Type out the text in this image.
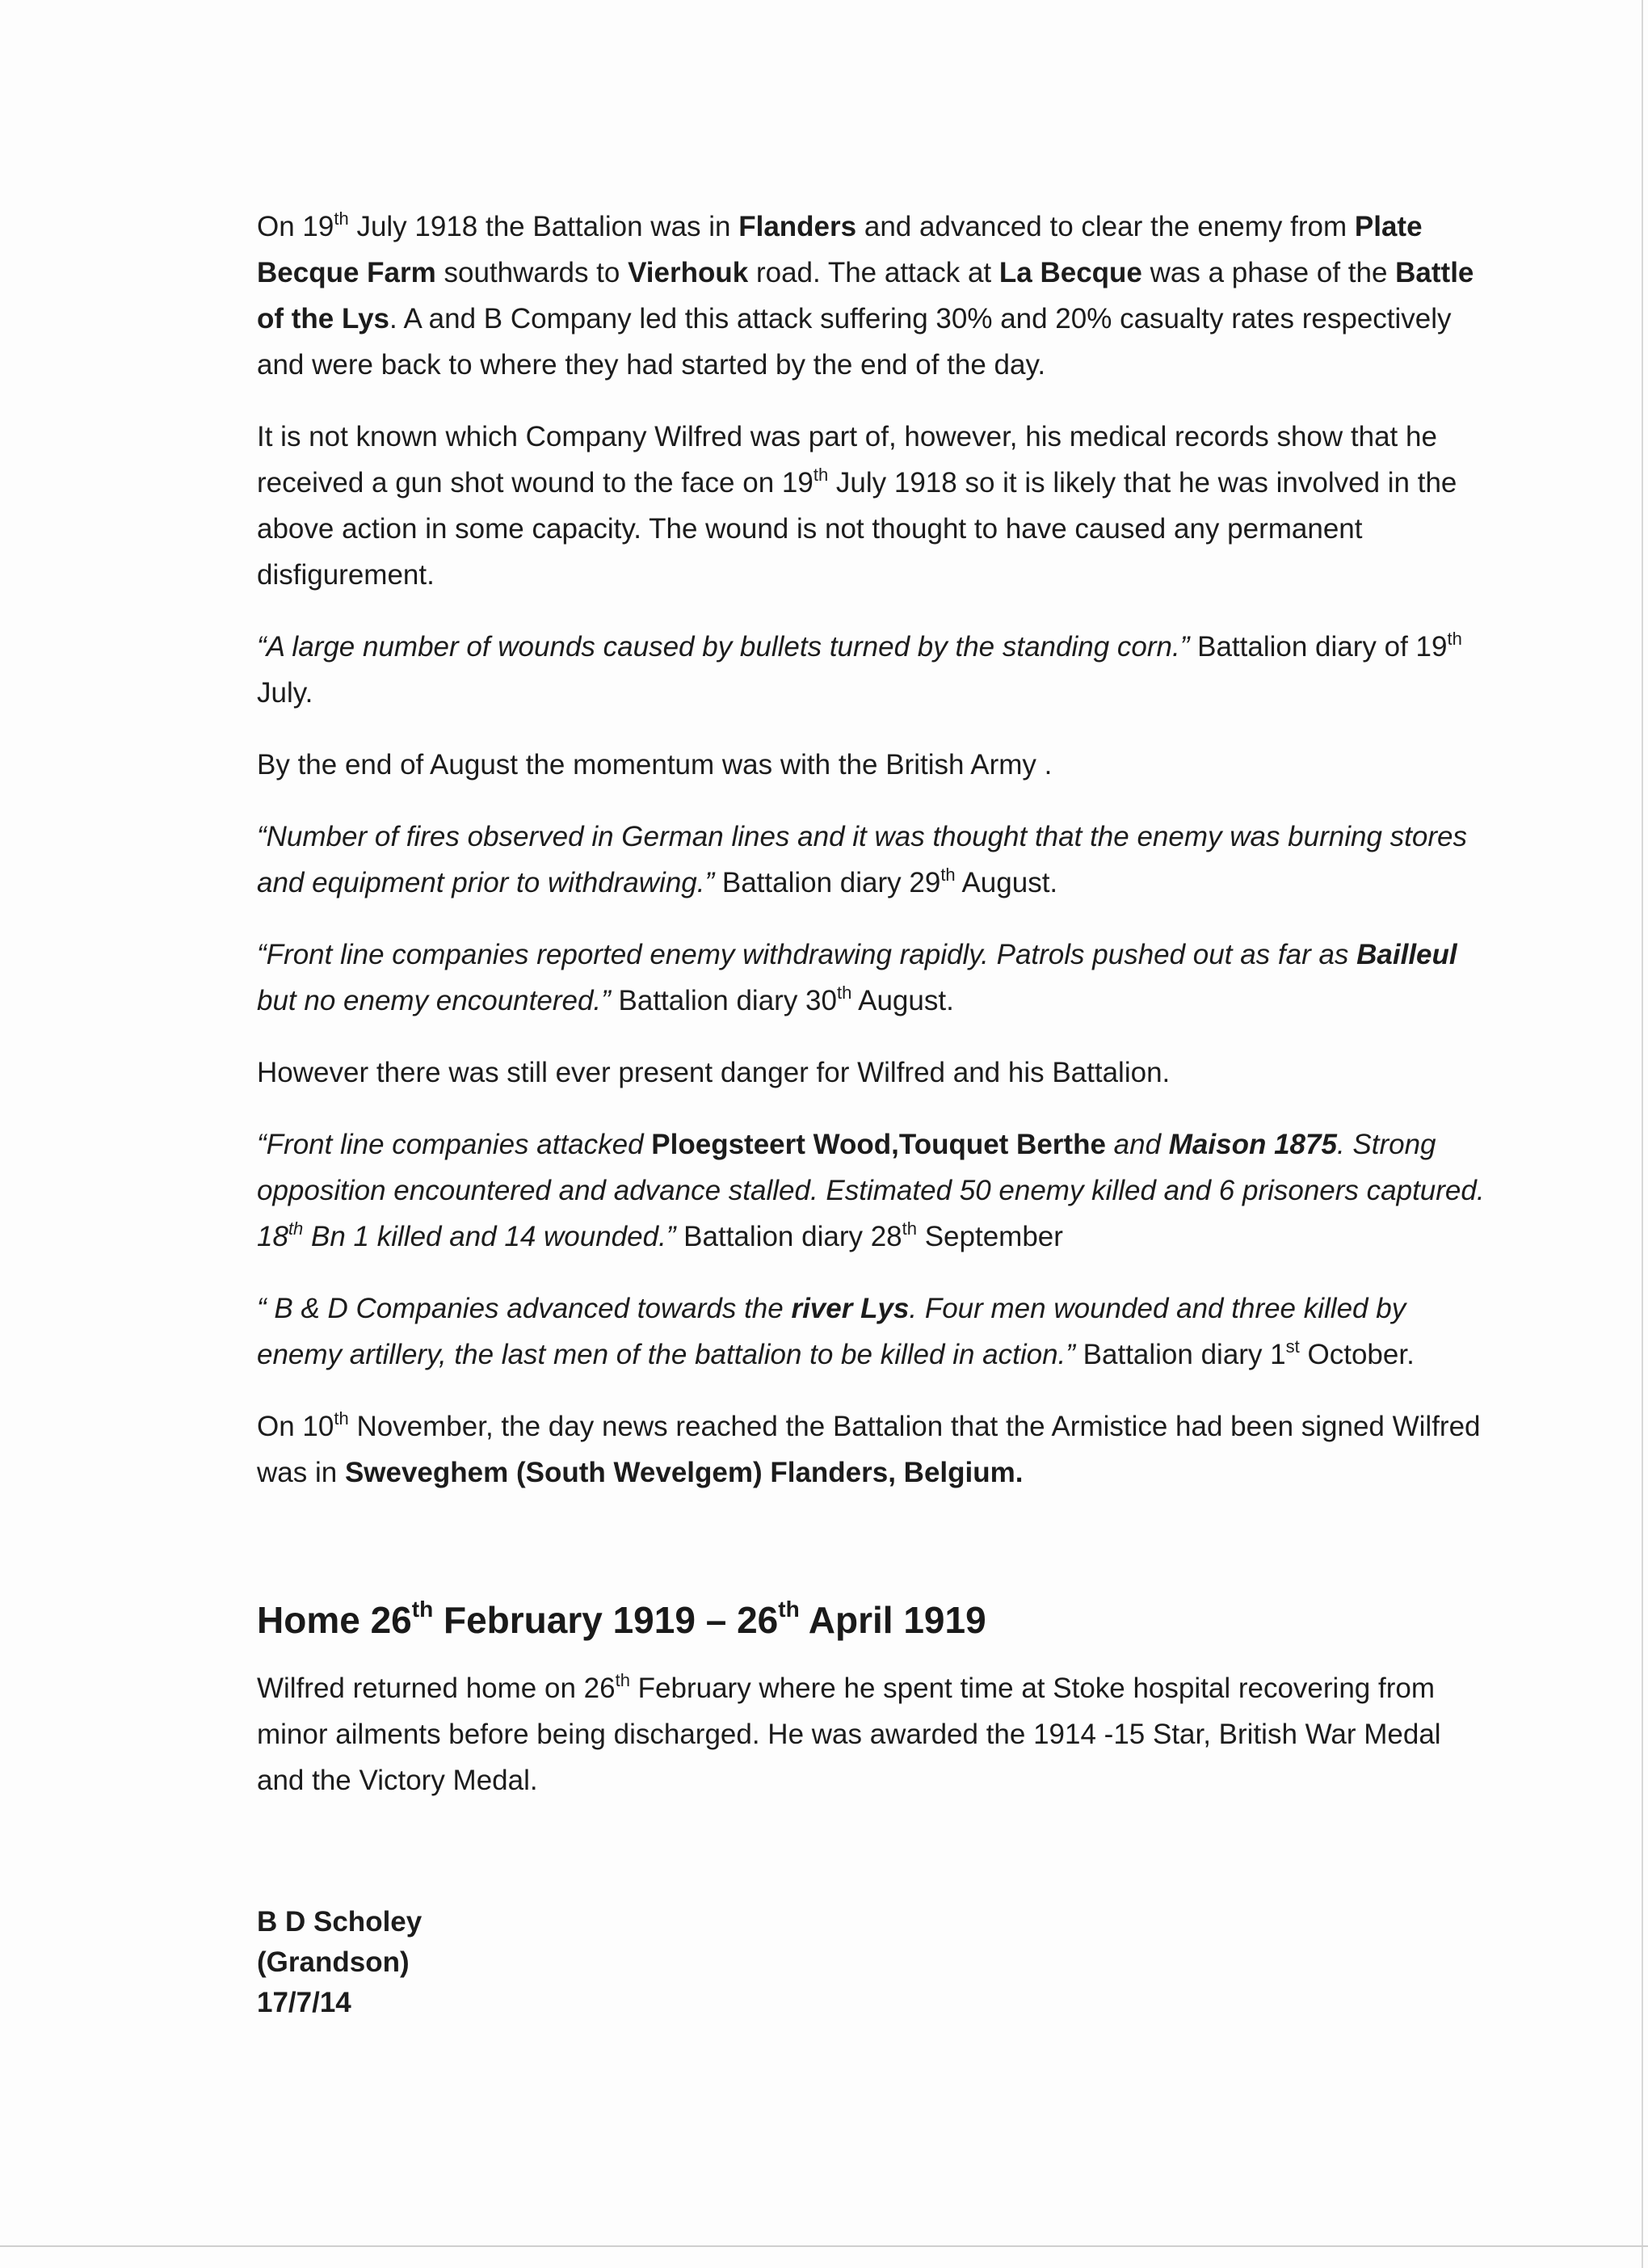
On 19th July 1918 the Battalion was in Flanders and advanced to clear the enemy from Plate Becque Farm southwards to Vierhouk road. The attack at La Becque was a phase of the Battle of the Lys. A and B Company led this attack suffering 30% and 20% casualty rates respectively and were back to where they had started by the end of the day.

It is not known which Company Wilfred was part of, however, his medical records show that he received a gun shot wound to the face on 19th July 1918 so it is likely that he was involved in the above action in some capacity. The wound is not thought to have caused any permanent disfigurement.

“A large number of wounds caused by bullets turned by the standing corn.” Battalion diary of 19th July.

By the end of August the momentum was with the British Army .

“Number of fires observed in German lines and it was thought that the enemy was burning stores and equipment prior to withdrawing.” Battalion diary 29th August.

“Front line companies reported enemy withdrawing rapidly. Patrols pushed out as far as Bailleul but no enemy encountered.” Battalion diary 30th August.

However there was still ever present danger for Wilfred and his Battalion.

“Front line companies attacked Ploegsteert Wood,Touquet Berthe and Maison 1875. Strong opposition encountered and advance stalled. Estimated 50 enemy killed and 6 prisoners captured. 18th Bn 1 killed and 14 wounded.” Battalion diary 28th September

“ B & D Companies advanced towards the river Lys. Four men wounded and three killed by enemy artillery, the last men of the battalion to be killed in action.” Battalion diary 1st October.

On 10th November, the day news reached the Battalion that the Armistice had been signed Wilfred was in Sweveghem (South Wevelgem) Flanders, Belgium.

Home 26th February 1919 – 26th April 1919

Wilfred returned home on 26th February where he spent time at Stoke hospital recovering from minor ailments before being discharged. He was awarded the 1914 -15 Star, British War Medal and the Victory Medal.

B D Scholey
(Grandson)
17/7/14
